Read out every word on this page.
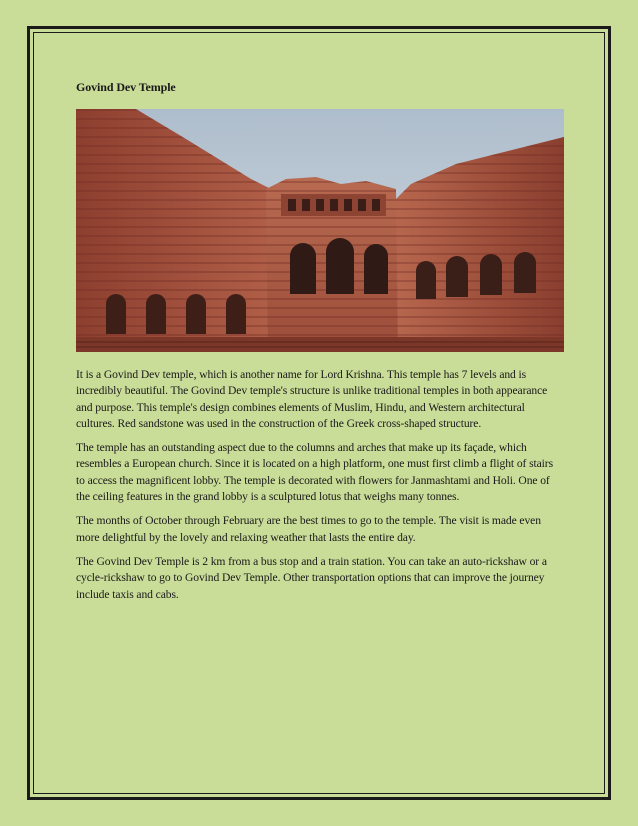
Govind Dev Temple

It is a Govind Dev temple, which is another name for Lord Krishna. This temple has 7 levels and is incredibly beautiful. The Govind Dev temple's structure is unlike traditional temples in both appearance and purpose. This temple's design combines elements of Muslim, Hindu, and Western architectural cultures. Red sandstone was used in the construction of the Greek cross-shaped structure.

The temple has an outstanding aspect due to the columns and arches that make up its façade, which resembles a European church. Since it is located on a high platform, one must first climb a flight of stairs to access the magnificent lobby. The temple is decorated with flowers for Janmashtami and Holi. One of the ceiling features in the grand lobby is a sculptured lotus that weighs many tonnes.

The months of October through February are the best times to go to the temple. The visit is made even more delightful by the lovely and relaxing weather that lasts the entire day.

The Govind Dev Temple is 2 km from a bus stop and a train station. You can take an auto-rickshaw or a cycle-rickshaw to go to Govind Dev Temple. Other transportation options that can improve the journey include taxis and cabs.
